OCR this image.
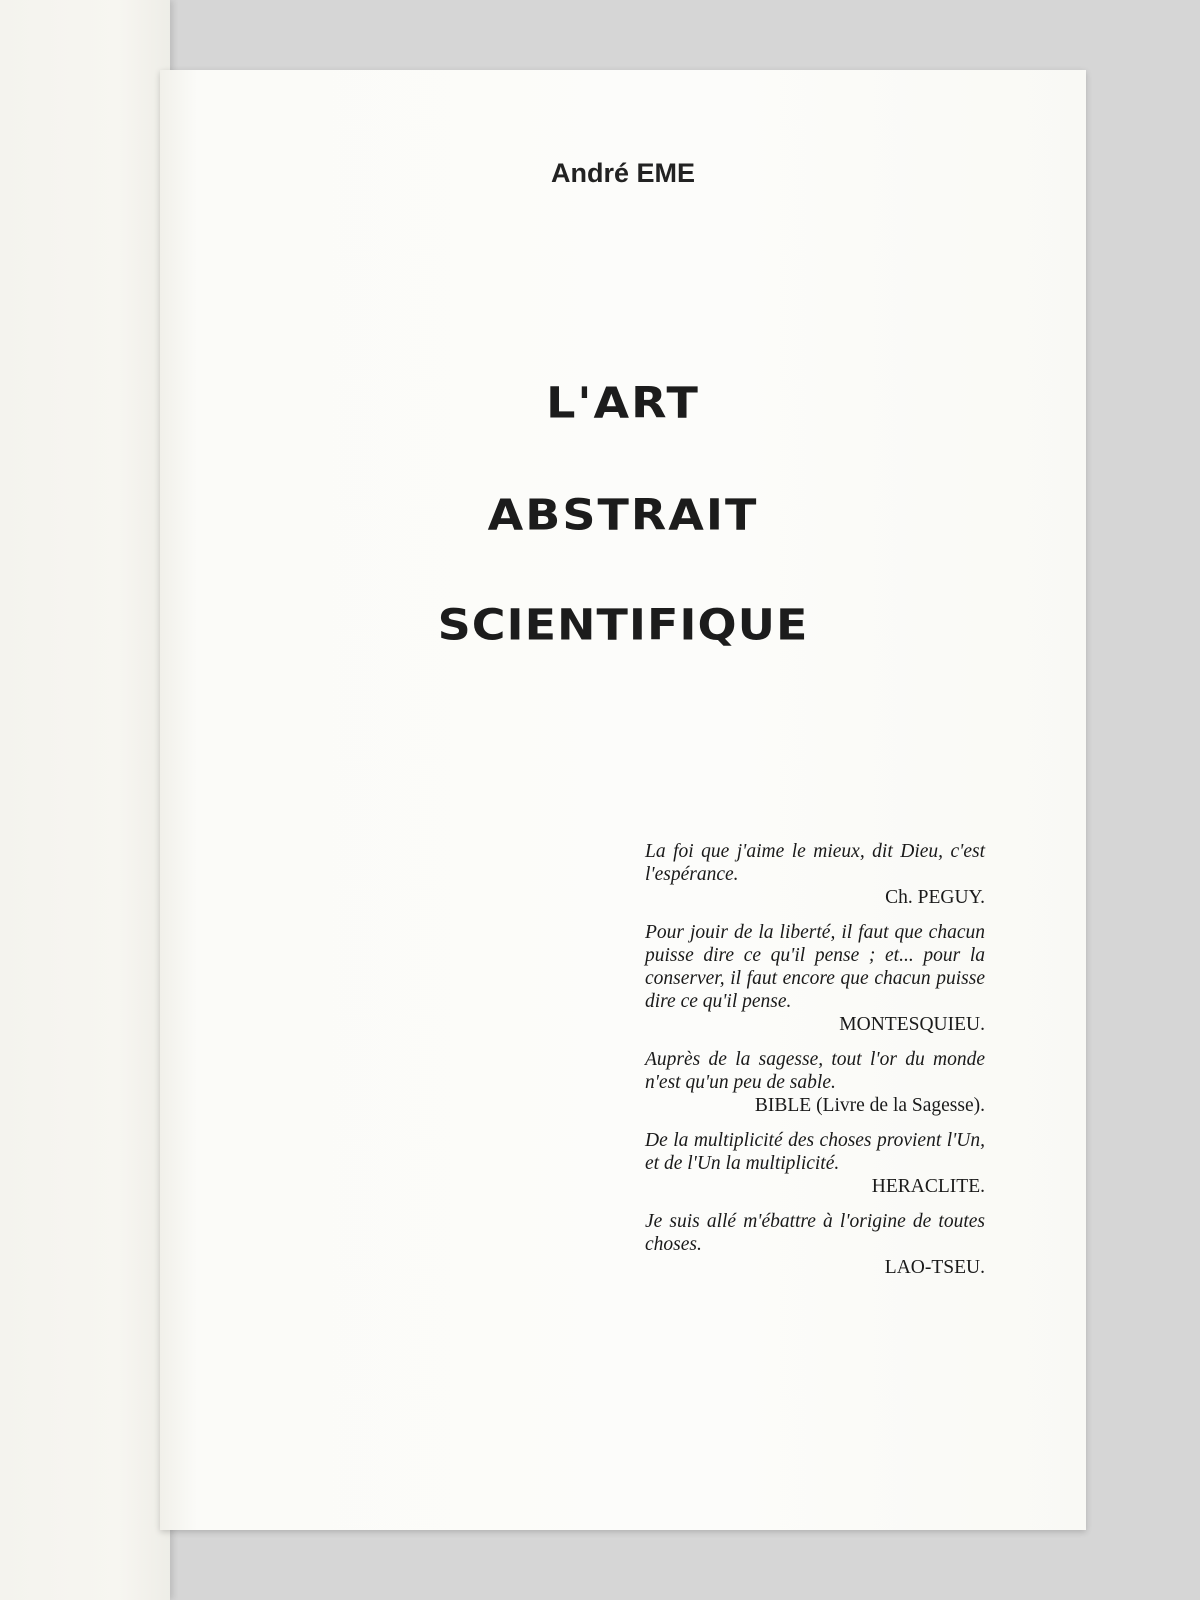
André EME
L'ART
ABSTRAIT
SCIENTIFIQUE
La foi que j'aime le mieux, dit Dieu, c'est l'espérance.
Ch. PEGUY.
Pour jouir de la liberté, il faut que chacun puisse dire ce qu'il pense ; et... pour la conserver, il faut encore que chacun puisse dire ce qu'il pense.
MONTESQUIEU.
Auprès de la sagesse, tout l'or du monde n'est qu'un peu de sable.
BIBLE (Livre de la Sagesse).
De la multiplicité des choses provient l'Un, et de l'Un la multiplicité.
HERACLITE.
Je suis allé m'ébattre à l'origine de toutes choses.
LAO-TSEU.
